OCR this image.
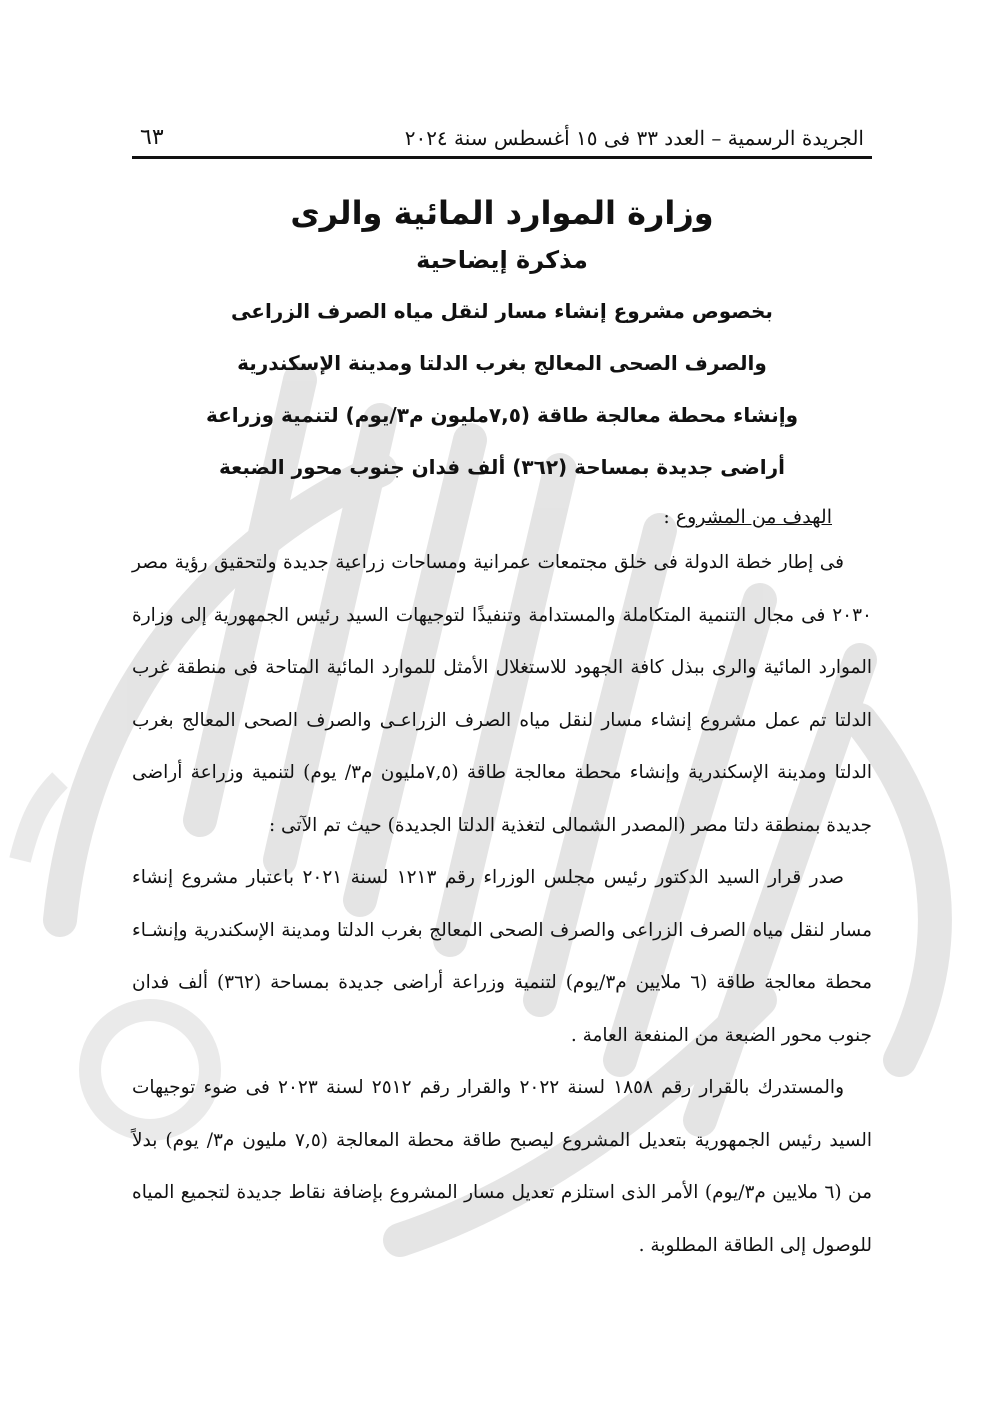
الجريدة الرسمية – العدد ٣٣ فى ١٥ أغسطس سنة ٢٠٢٤
٦٣
وزارة الموارد المائية والرى
مذكرة إيضاحية
بخصوص مشروع إنشاء مسار لنقل مياه الصرف الزراعى
والصرف الصحى المعالج بغرب الدلتا ومدينة الإسكندرية
وإنشاء محطة معالجة طاقة (٧,٥مليون م٣/يوم) لتنمية وزراعة
أراضى جديدة بمساحة (٣٦٢) ألف فدان جنوب محور الضبعة
الهدف من المشروع :

فى إطار خطة الدولة فى خلق مجتمعات عمرانية ومساحات زراعية جديدة ولتحقيق رؤية مصر ٢٠٣٠ فى مجال التنمية المتكاملة والمستدامة وتنفيذًا لتوجيهات السيد رئيس الجمهورية إلى وزارة الموارد المائية والرى ببذل كافة الجهود للاستغلال الأمثل للموارد المائية المتاحة فى منطقة غرب الدلتا تم عمل مشروع إنشاء مسار لنقل مياه الصرف الزراعـى والصرف الصحى المعالج بغرب الدلتا ومدينة الإسكندرية وإنشاء محطة معالجة طاقة (٧,٥مليون م٣/ يوم) لتنمية وزراعة أراضى جديدة بمنطقة دلتا مصر (المصدر الشمالى لتغذية الدلتا الجديدة) حيث تم الآتى :

صدر قرار السيد الدكتور رئيس مجلس الوزراء رقم ١٢١٣ لسنة ٢٠٢١ باعتبار مشروع إنشاء مسار لنقل مياه الصرف الزراعى والصرف الصحى المعالج بغرب الدلتا ومدينة الإسكندرية وإنشـاء محطة معالجة طاقة (٦ ملايين م٣/يوم) لتنمية وزراعة أراضى جديدة بمساحة (٣٦٢) ألف فدان جنوب محور الضبعة من المنفعة العامة .

والمستدرك بالقرار رقم ١٨٥٨ لسنة ٢٠٢٢ والقرار رقم ٢٥١٢ لسنة ٢٠٢٣ فى ضوء توجيهات السيد رئيس الجمهورية بتعديل المشروع ليصبح طاقة محطة المعالجة (٧,٥ مليون م٣/ يوم) بدلاً من (٦ ملايين م٣/يوم) الأمر الذى استلزم تعديل مسار المشروع بإضافة نقاط جديدة لتجميع المياه للوصول إلى الطاقة المطلوبة .
